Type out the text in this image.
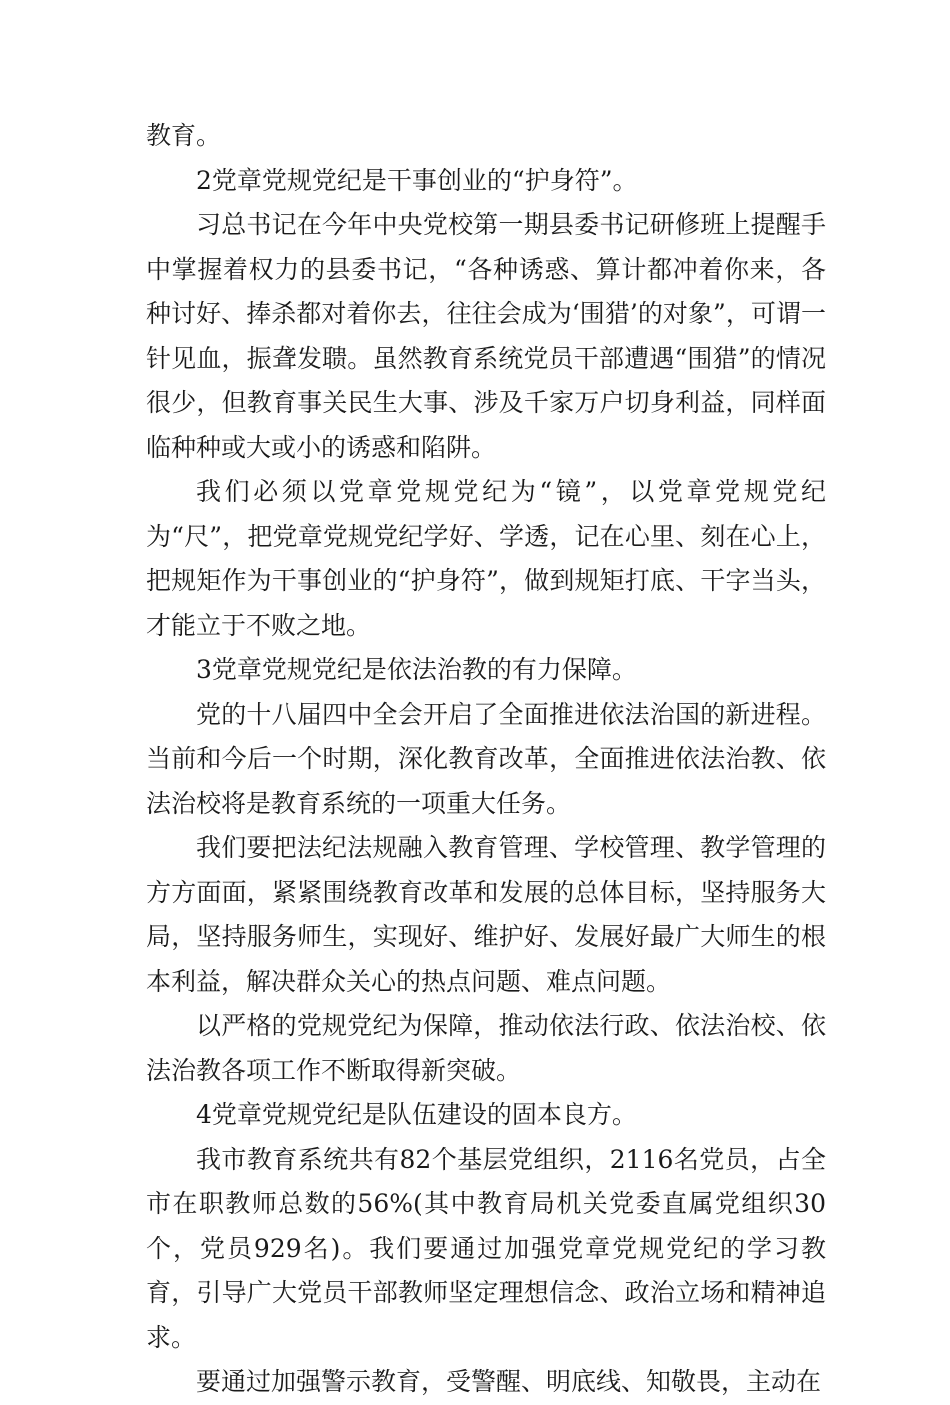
教育。

2党章党规党纪是干事创业的“护身符”。

习总书记在今年中央党校第一期县委书记研修班上提醒手中掌握着权力的县委书记，“各种诱惑、算计都冲着你来，各种讨好、捧杀都对着你去，往往会成为‘围猎’的对象”，可谓一针见血，振聋发聩。虽然教育系统党员干部遭遇“围猎”的情况很少，但教育事关民生大事、涉及千家万户切身利益，同样面临种种或大或小的诱惑和陷阱。

我们必须以党章党规党纪为“镜”，以党章党规党纪为“尺”，把党章党规党纪学好、学透，记在心里、刻在心上，把规矩作为干事创业的“护身符”，做到规矩打底、干字当头，才能立于不败之地。

3党章党规党纪是依法治教的有力保障。

党的十八届四中全会开启了全面推进依法治国的新进程。当前和今后一个时期，深化教育改革，全面推进依法治教、依法治校将是教育系统的一项重大任务。

我们要把法纪法规融入教育管理、学校管理、教学管理的方方面面，紧紧围绕教育改革和发展的总体目标，坚持服务大局，坚持服务师生，实现好、维护好、发展好最广大师生的根本利益，解决群众关心的热点问题、难点问题。

以严格的党规党纪为保障，推动依法行政、依法治校、依法治教各项工作不断取得新突破。

4党章党规党纪是队伍建设的固本良方。

我市教育系统共有82个基层党组织，2116名党员，占全市在职教师总数的56%(其中教育局机关党委直属党组织30个，党员929名)。我们要通过加强党章党规党纪的学习教育，引导广大党员干部教师坚定理想信念、政治立场和精神追求。

要通过加强警示教育，受警醒、明底线、知敬畏，主动在
